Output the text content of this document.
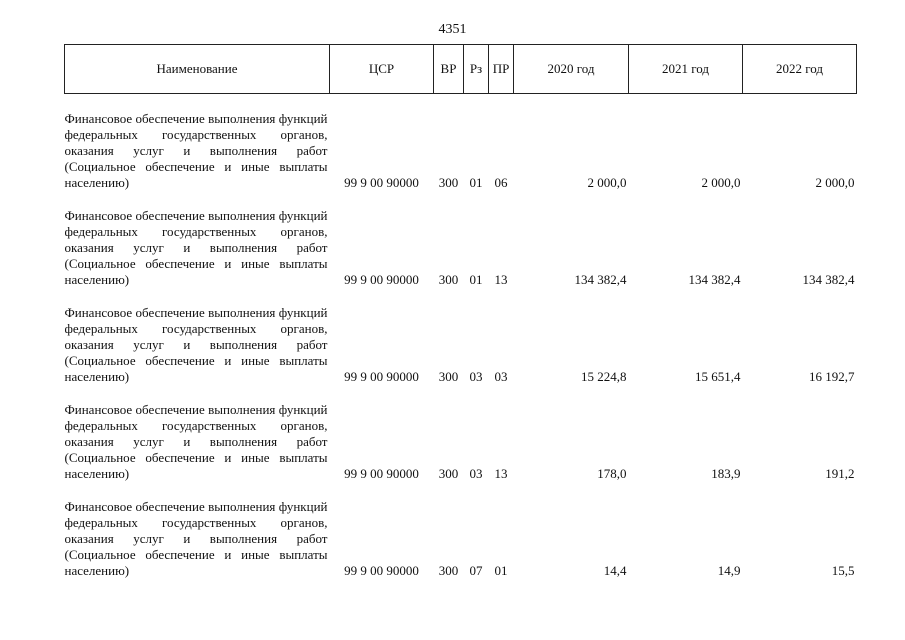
4351
Наименование	ЦСР	ВР	Рз	ПР	2020 год	2021 год	2022 год

Финансовое обеспечение выполнения функций федеральных государственных органов, оказания услуг и выполнения работ (Социальное обеспечение и иные выплаты населению)	99 9 00 90000	300	01	06	2 000,0	2 000,0	2 000,0

Финансовое обеспечение выполнения функций федеральных государственных органов, оказания услуг и выполнения работ (Социальное обеспечение и иные выплаты населению)	99 9 00 90000	300	01	13	134 382,4	134 382,4	134 382,4

Финансовое обеспечение выполнения функций федеральных государственных органов, оказания услуг и выполнения работ (Социальное обеспечение и иные выплаты населению)	99 9 00 90000	300	03	03	15 224,8	15 651,4	16 192,7

Финансовое обеспечение выполнения функций федеральных государственных органов, оказания услуг и выполнения работ (Социальное обеспечение и иные выплаты населению)	99 9 00 90000	300	03	13	178,0	183,9	191,2

Финансовое обеспечение выполнения функций федеральных государственных органов, оказания услуг и выполнения работ (Социальное обеспечение и иные выплаты населению)	99 9 00 90000	300	07	01	14,4	14,9	15,5
